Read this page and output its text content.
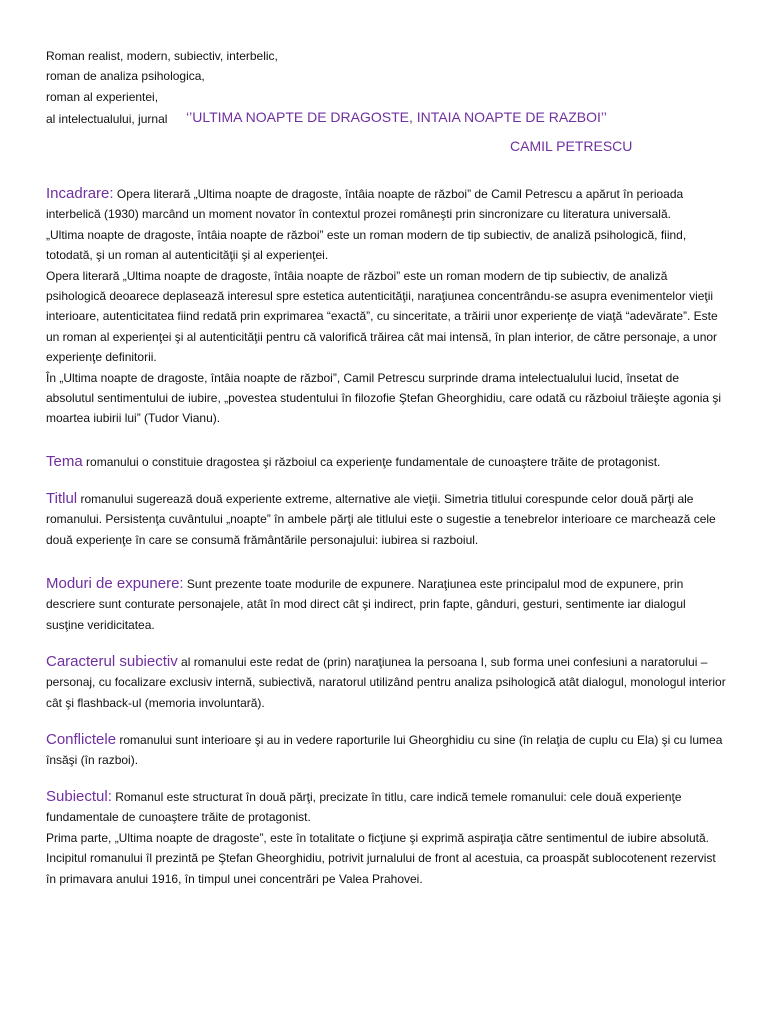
Roman realist, modern, subiectiv, interbelic,
roman de analiza psihologica,
roman al experientei,
al intelectualului, jurnal ‘’ULTIMA NOAPTE DE DRAGOSTE, INTAIA NOAPTE DE RAZBOI’’
CAMIL PETRESCU

Incadrare: Opera literară „Ultima noapte de dragoste, întâia noapte de război” de Camil Petrescu a apărut în perioada interbelică (1930) marcând un moment novator în contextul prozei româneşti prin sincronizare cu literatura universală.

„Ultima noapte de dragoste, întâia noapte de război” este un roman modern de tip subiectiv, de analiză psihologică, fiind, totodată, şi un roman al autenticităţii şi al experienţei.

Opera literară „Ultima noapte de dragoste, întâia noapte de război” este un roman modern de tip subiectiv, de analiză psihologică deoarece deplasează interesul spre estetica autenticităţii, naraţiunea concentrându-se asupra evenimentelor vieţii interioare, autenticitatea fiind redată prin exprimarea “exactă”, cu sinceritate, a trăirii unor experienţe de viaţă “adevărate”. Este un roman al experienţei şi al autenticităţii pentru că valorifică trăirea cât mai intensă, în plan interior, de către personaje, a unor experienţe definitorii.

În „Ultima noapte de dragoste, întâia noapte de război”, Camil Petrescu surprinde drama intelectualului lucid, însetat de absolutul sentimentului de iubire, „povestea studentului în filozofie Ştefan Gheorghidiu, care odată cu războiul trăieşte agonia şi moartea iubirii lui” (Tudor Vianu).

Tema romanului o constituie dragostea şi războiul ca experienţe fundamentale de cunoaştere trăite de protagonist.

Titlul romanului sugerează două experiente extreme, alternative ale vieţii. Simetria titlului corespunde celor două părţi ale romanului. Persistenţa cuvântului „noapte” în ambele părţi ale titlului este o sugestie a tenebrelor interioare ce marchează cele două experienţe în care se consumă frământările personajului: iubirea si razboiul.

Moduri de expunere: Sunt prezente toate modurile de expunere. Naraţiunea este principalul mod de expunere, prin descriere sunt conturate personajele, atât în mod direct cât şi indirect, prin fapte, gânduri, gesturi, sentimente iar dialogul susţine veridicitatea.

Caracterul subiectiv al romanului este redat de (prin) naraţiunea la persoana I, sub forma unei confesiuni a naratorului – personaj, cu focalizare exclusiv internă, subiectivă, naratorul utilizând pentru analiza psihologică atât dialogul, monologul interior cât şi flashback-ul (memoria involuntară).

Conflictele romanului sunt interioare şi au in vedere raporturile lui Gheorghidiu cu sine (în relaţia de cuplu cu Ela) şi cu lumea însăşi (în razboi).

Subiectul: Romanul este structurat în două părţi, precizate în titlu, care indică temele romanului: cele două experienţe fundamentale de cunoaştere trăite de protagonist.

Prima parte, „Ultima noapte de dragoste”, este în totalitate o ficţiune şi exprimă aspiraţia către sentimentul de iubire absolută.

Incipitul romanului îl prezintă pe Ştefan Gheorghidiu, potrivit jurnalului de front al acestuia, ca proaspăt sublocotenent rezervist în primavara anului 1916, în timpul unei concentrări pe Valea Prahovei.
